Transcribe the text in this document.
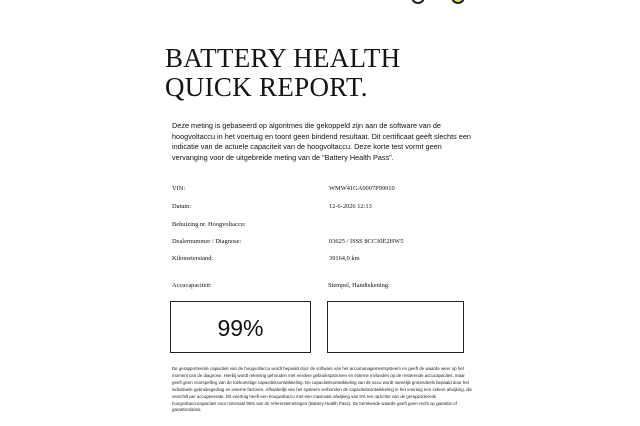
BATTERY HEALTH
QUICK REPORT.

Deze meting is gebaseerd op algoritmes die gekoppeld zijn aan de software van de hoogvoltaccu in het voertuig en toont geen bindend resultaat. Dit certificaat geeft slechts een indicatie van de actuele capaciteit van de hoogvoltaccu. Deze korte test vormt geen vervanging voor de uitgebreide meting van de "Battery Health Pass".

VIN:	WMW41GA0007P99910
Datum:	12-6-2026 12:13
Behuizing nr. Hoogvoltaccu:
Dealernummer / Diagnose:	03625 / ISSS 8CC30E2HW5
Kilometerstand:	39164,0 km
Accucapaciteit:	Stempel, Handtekening:
99%

De gerapporteerde capaciteit van de hoogvoltaccu wordt bepaald door de software van het accumanagementsysteem en geeft de waarde weer op het moment van de diagnose. Hierbij wordt rekening gehouden met eerdere gebruikspatronen en externe invloeden op de resterende accucapaciteit, maar geeft geen voorspelling van de toekomstige capaciteitsontwikkeling. De capaciteitsontwikkeling van de accu wordt namelijk grotendeels bepaald door het individuele gebruiksgedrag en externe factoren. Afhankelijk van het systeem verbonden de capaciteitsontwikkeling in het voertuig een zekere afwijking, die verschilt per accugenerate. Dit voertuig heeft een hoogvoltaccu met een maximale afwijking van 5% ten opzichte van de gerapporteerde hoogvoltaccucapaciteit voor minimaal 95% van de referentiemetingen (Battery Health Pass). De berekende waarde geeft geen recht op garantie of garantieclaims.
